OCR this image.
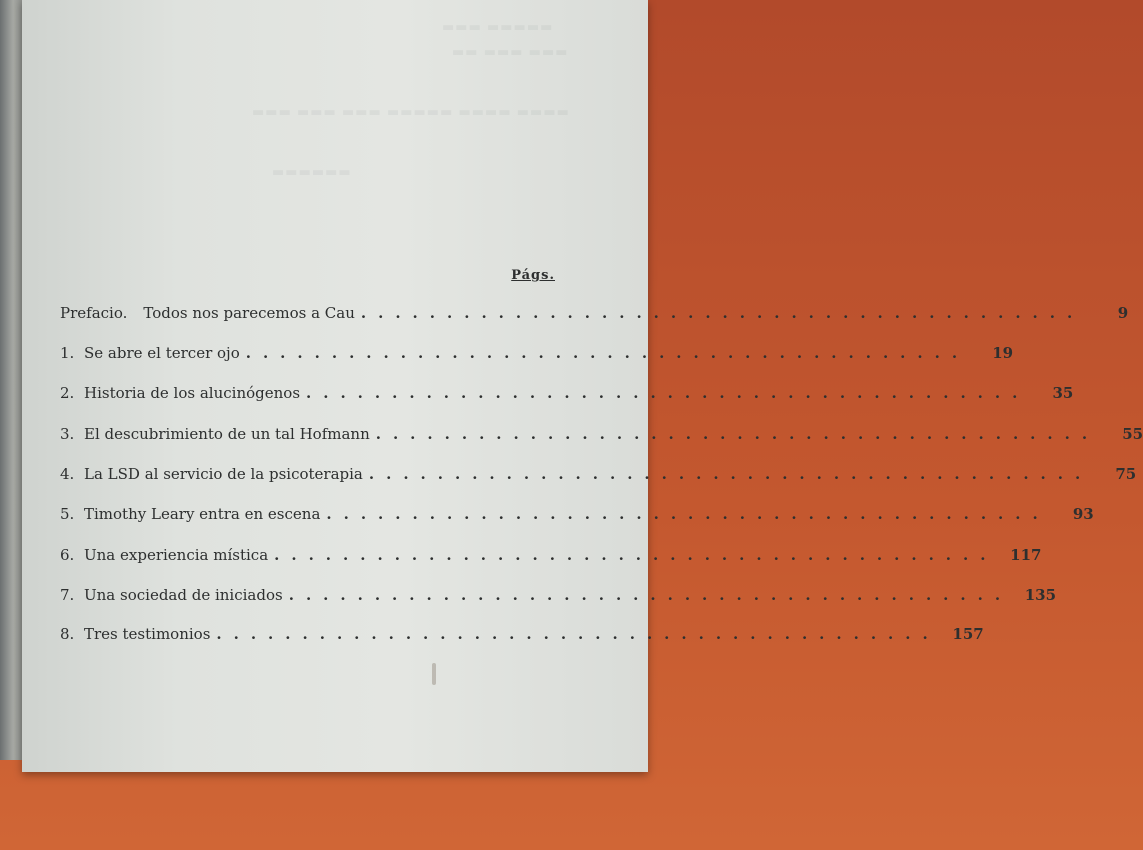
▬▬▬ ▬▬▬▬▬
▬▬ ▬▬▬ ▬▬▬
▬▬▬ ▬▬▬ ▬▬▬ ▬▬▬▬▬ ▬▬▬▬ ▬▬▬▬
▬▬▬▬▬▬
Págs.
Prefacio. Todos nos parecemos a Cau ..........................................	9
1. Se abre el tercer ojo ..........................................	19
2. Historia de los alucinógenos ..........................................	35
3. El descubrimiento de un tal Hofmann ..........................................	55
4. La LSD al servicio de la psicoterapia ..........................................	75
5. Timothy Leary entra en escena ..........................................	93
6. Una experiencia mística .......................................... 117
7. Una sociedad de iniciados .......................................... 135
8. Tres testimonios .......................................... 157
